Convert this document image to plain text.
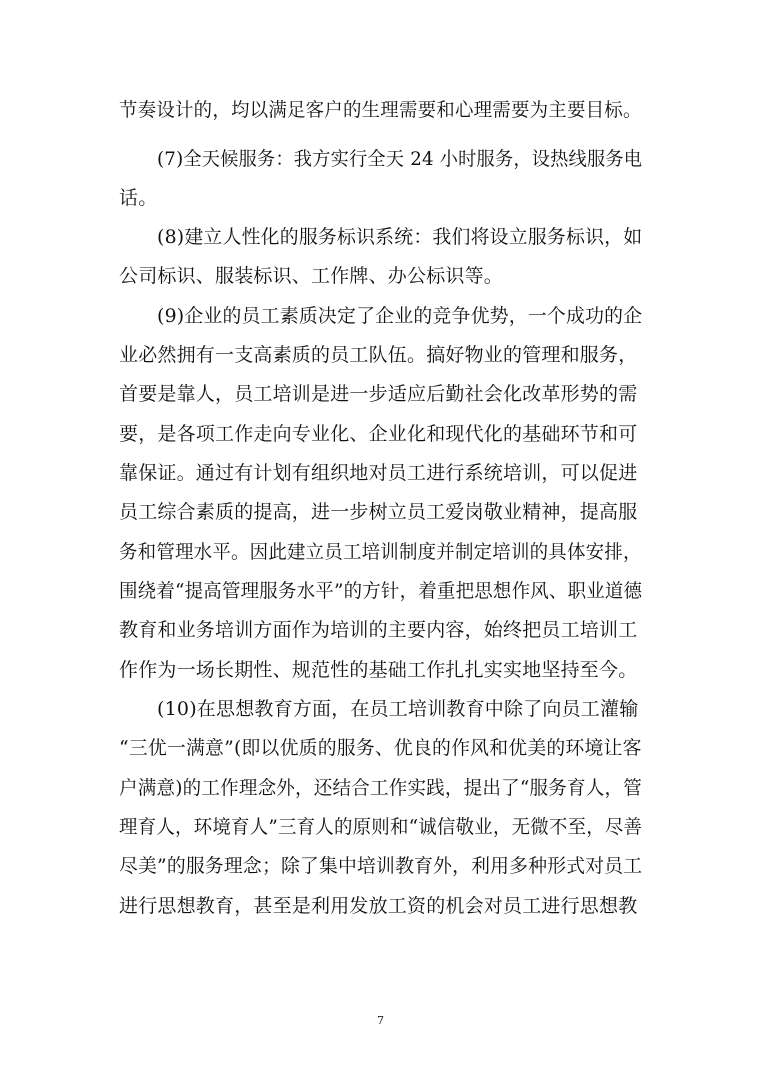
节奏设计的，均以满足客户的生理需要和心理需要为主要目标。
(7)全天候服务：我方实行全天 24 小时服务，设热线服务电
话。
(8)建立人性化的服务标识系统：我们将设立服务标识，如
公司标识、服装标识、工作牌、办公标识等。
(9)企业的员工素质决定了企业的竞争优势，一个成功的企
业必然拥有一支高素质的员工队伍。搞好物业的管理和服务，
首要是靠人，员工培训是进一步适应后勤社会化改革形势的需
要，是各项工作走向专业化、企业化和现代化的基础环节和可
靠保证。通过有计划有组织地对员工进行系统培训，可以促进
员工综合素质的提高，进一步树立员工爱岗敬业精神，提高服
务和管理水平。因此建立员工培训制度并制定培训的具体安排，
围绕着“提高管理服务水平”的方针，着重把思想作风、职业道德
教育和业务培训方面作为培训的主要内容，始终把员工培训工
作作为一场长期性、规范性的基础工作扎扎实实地坚持至今。
(10)在思想教育方面，在员工培训教育中除了向员工灌输
“三优一满意”(即以优质的服务、优良的作风和优美的环境让客
户满意)的工作理念外，还结合工作实践，提出了“服务育人，管
理育人，环境育人”三育人的原则和“诚信敬业，无微不至，尽善
尽美”的服务理念；除了集中培训教育外，利用多种形式对员工
进行思想教育，甚至是利用发放工资的机会对员工进行思想教
7
